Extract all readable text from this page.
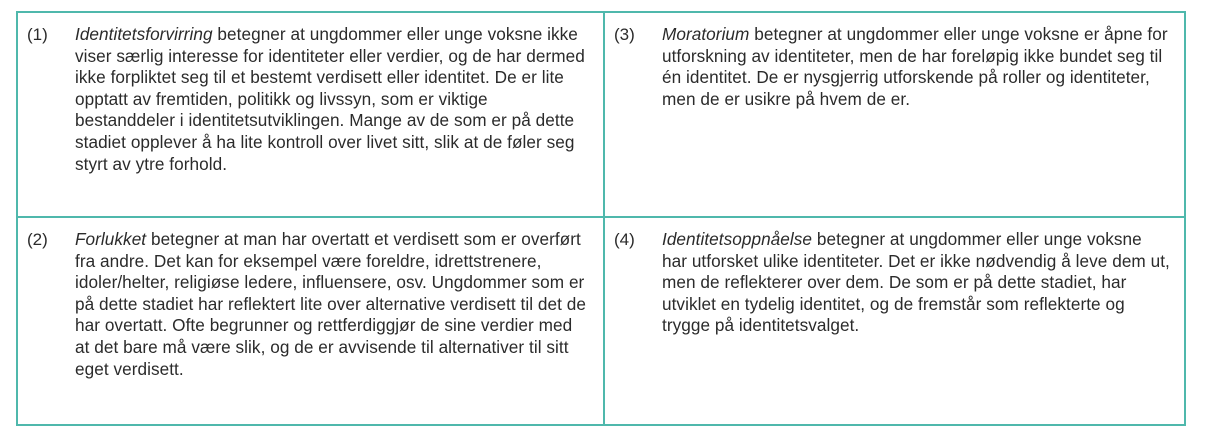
(1)	Identitetsforvirring betegner at ungdommer eller unge voksne ikke viser særlig interesse for identiteter eller verdier, og de har dermed ikke forpliktet seg til et bestemt verdisett eller identitet. De er lite opptatt av fremtiden, politikk og livssyn, som er viktige bestanddeler i identitetsutviklingen. Mange av de som er på dette stadiet opplever å ha lite kontroll over livet sitt, slik at de føler seg styrt av ytre forhold.

(3)	Moratorium betegner at ungdommer eller unge voksne er åpne for utforskning av identiteter, men de har foreløpig ikke bundet seg til én identitet. De er nysgjerrig utforskende på roller og identiteter, men de er usikre på hvem de er.

(2)	Forlukket betegner at man har overtatt et verdisett som er overført fra andre. Det kan for eksempel være foreldre, idrettstrenere, idoler/helter, religiøse ledere, influensere, osv. Ungdommer som er på dette stadiet har reflektert lite over alternative verdisett til det de har overtatt. Ofte begrunner og rettferdiggjør de sine verdier med at det bare må være slik, og de er avvisende til alternativer til sitt eget verdisett.

(4)	Identitetsoppnåelse betegner at ungdommer eller unge voksne har utforsket ulike identiteter. Det er ikke nødvendig å leve dem ut, men de reflekterer over dem. De som er på dette stadiet, har utviklet en tydelig identitet, og de fremstår som reflekterte og trygge på identitetsvalget.
